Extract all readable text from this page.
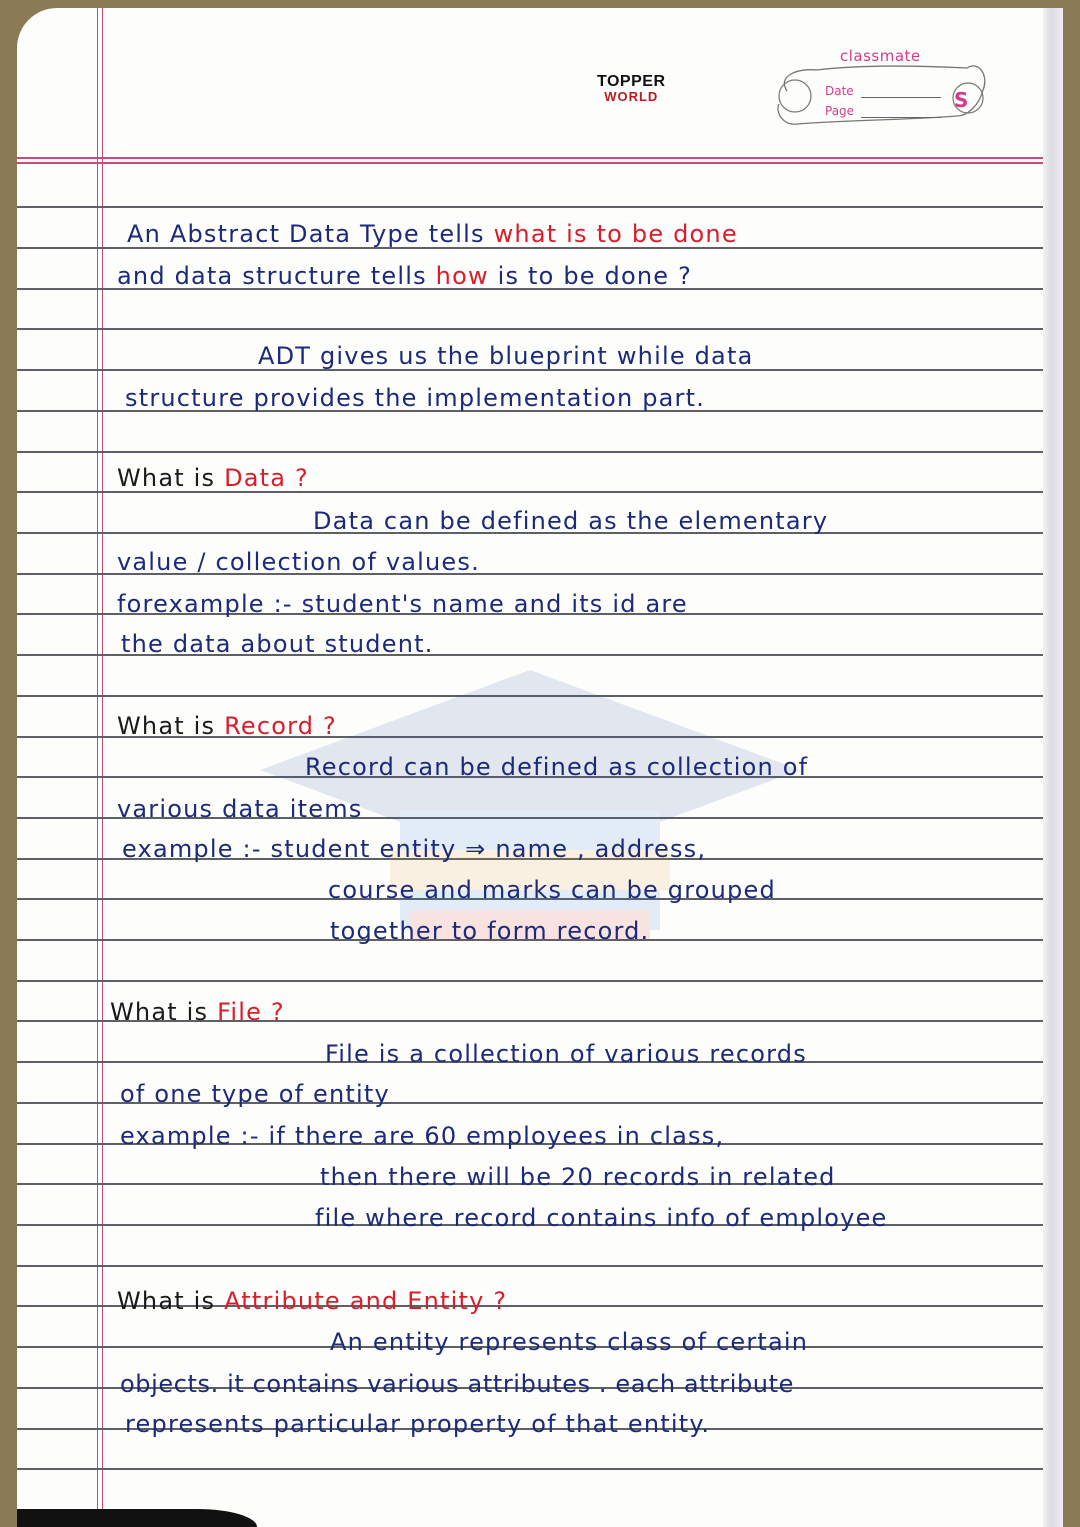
TOPPER
WORLD
classmate
Date
Page	S
An Abstract Data Type tells what is to be done
and data structure tells how is to be done ?
ADT gives us the blueprint while data
structure provides the implementation part.
What is Data ?
Data can be defined as the elementary
value / collection of values.
forexample :- student's name and its id are
the data about student.
What is Record ?
Record can be defined as collection of
various data items
example :- student entity ⇒ name , address,
course and marks can be grouped
together to form record.
What is File ?
File is a collection of various records
of one type of entity
example :- if there are 60 employees in class,
then there will be 20 records in related
file where record contains info of employee
What is Attribute and Entity ?
An entity represents class of certain
objects. it contains various attributes . each attribute
represents particular property of that entity.
